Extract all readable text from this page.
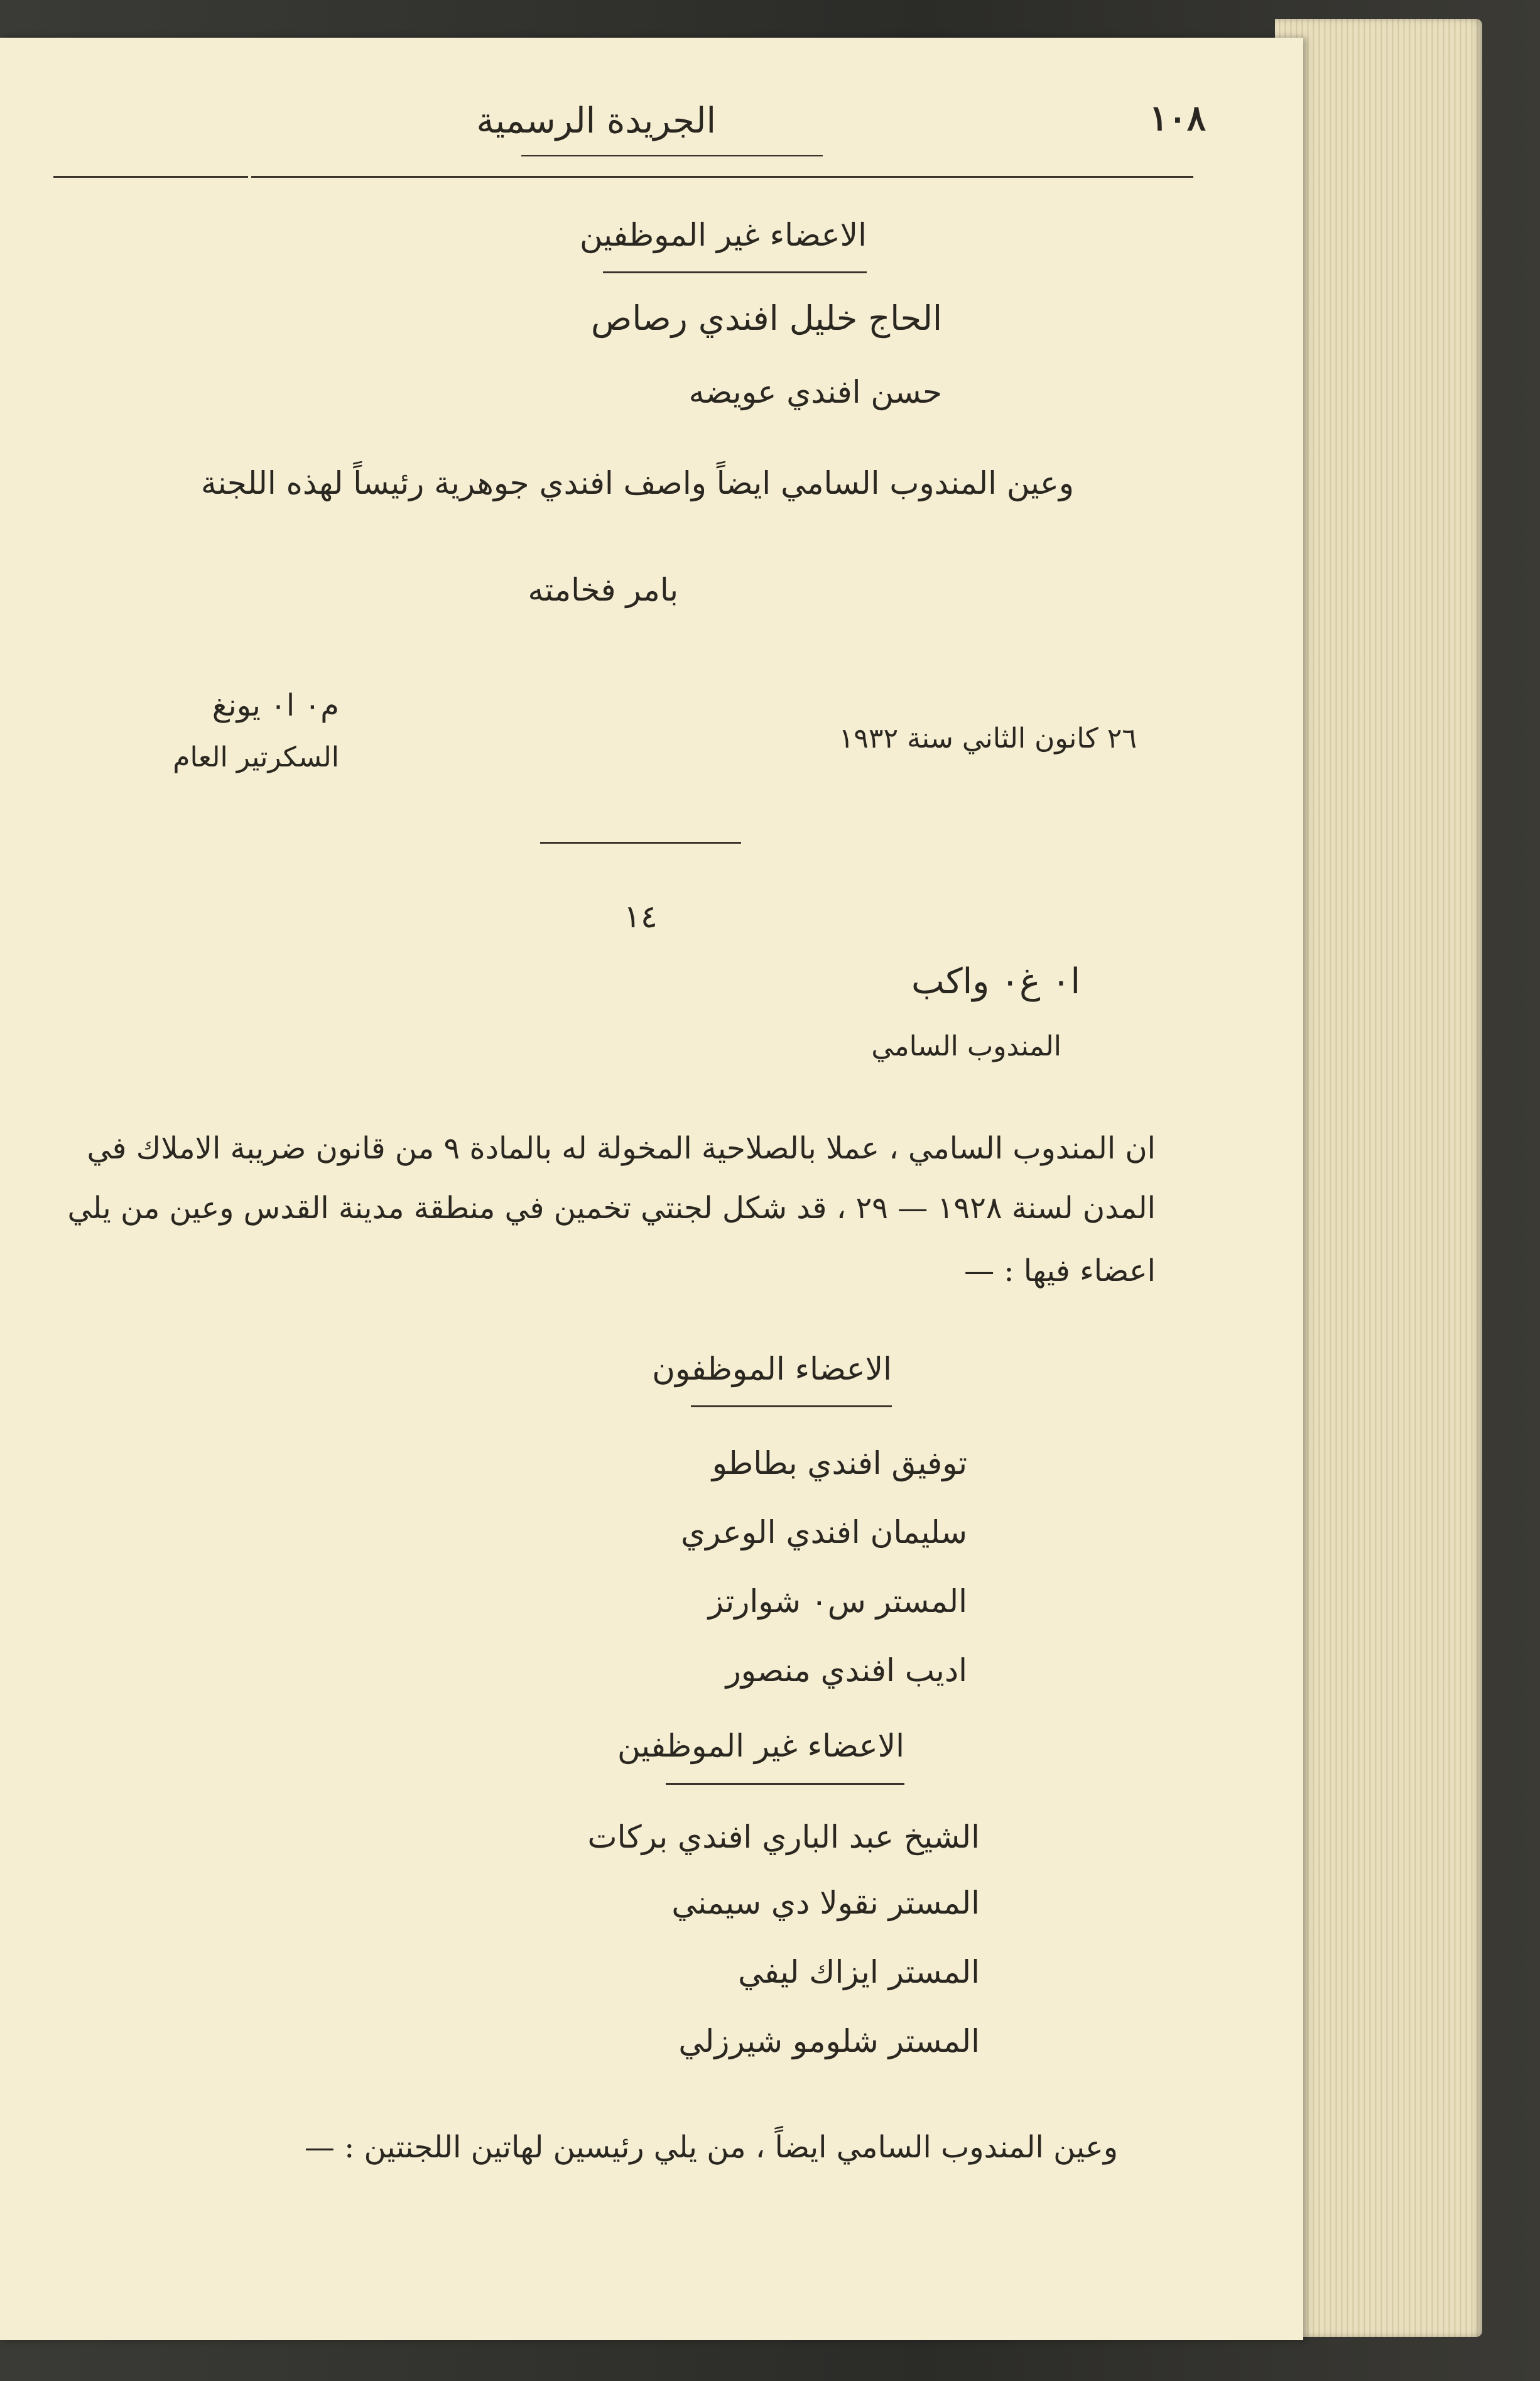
١٠٨
الجريدة الرسمية
الاعضاء غير الموظفين
الحاج خليل افندي رصاص
حسن افندي عويضه
وعين المندوب السامي ايضاً واصف افندي جوهرية رئيساً لهذه اللجنة
بامر فخامته
م٠ ا٠ يونغ
السكرتير العام
٢٦ كانون الثاني سنة ١٩٣٢
١٤
ا٠ غ٠ واكب
المندوب السامي
ان المندوب السامي ، عملا بالصلاحية المخولة له بالمادة ٩ من قانون ضريبة الاملاك في
المدن لسنة ١٩٢٨ — ٢٩ ، قد شكل لجنتي تخمين في منطقة مدينة القدس وعين من يلي
اعضاء فيها : —
الاعضاء الموظفون
توفيق افندي بطاطو
سليمان افندي الوعري
المستر س٠ شوارتز
اديب افندي منصور
الاعضاء غير الموظفين
الشيخ عبد الباري افندي بركات
المستر نقولا دي سيمني
المستر ايزاك ليفي
المستر شلومو شيرزلي
وعين المندوب السامي ايضاً ، من يلي رئيسين لهاتين اللجنتين : —
